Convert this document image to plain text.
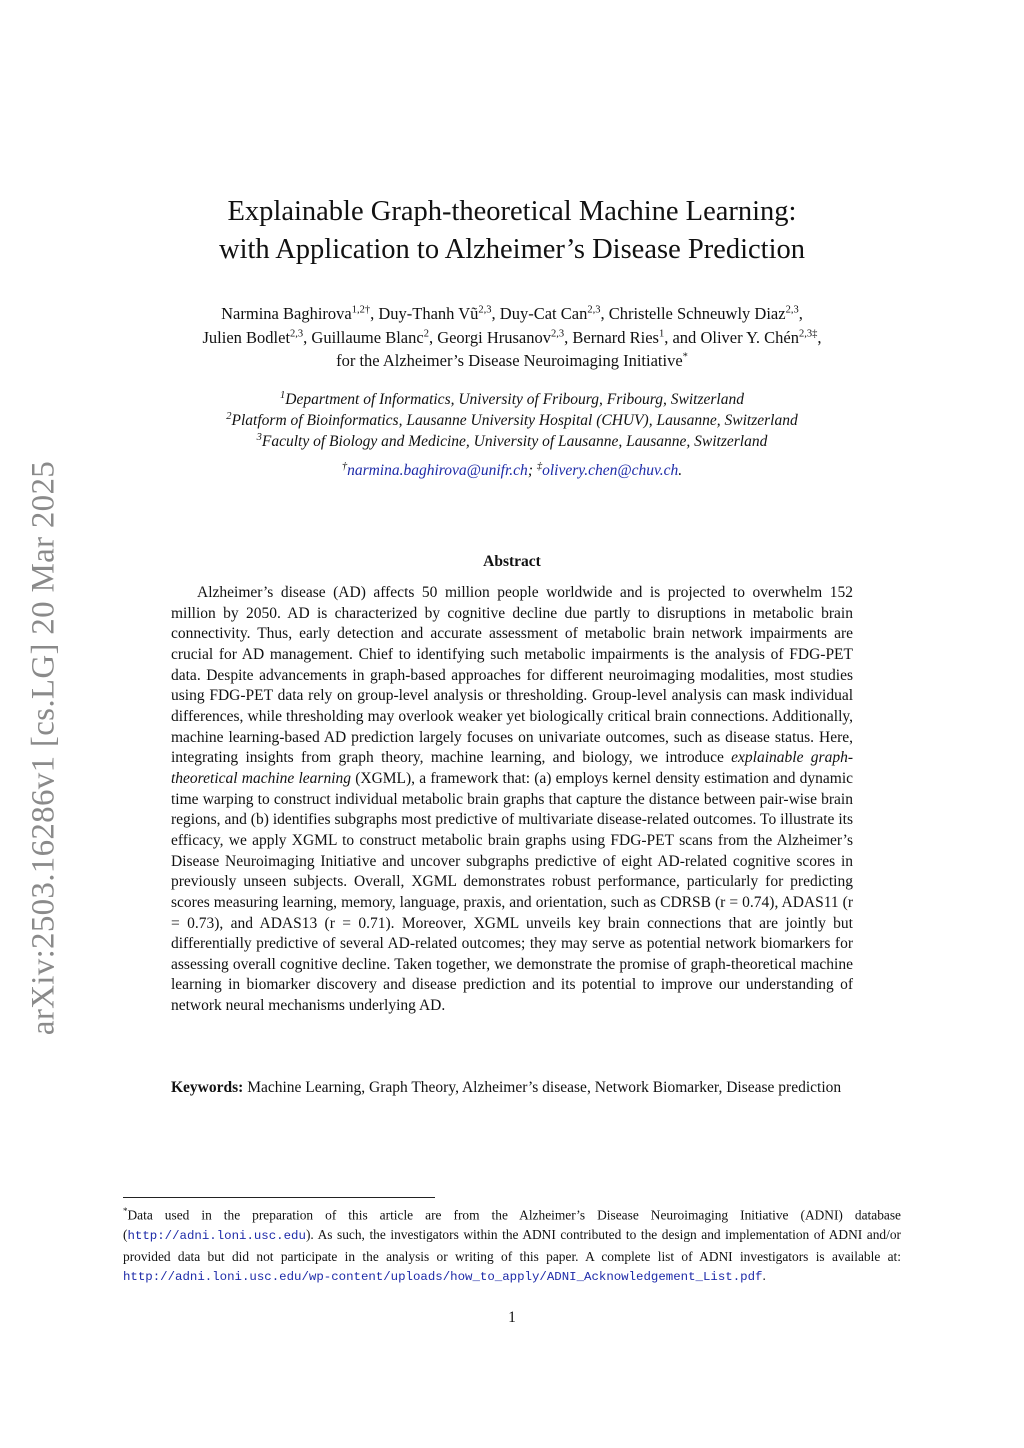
arXiv:2503.16286v1 [cs.LG] 20 Mar 2025
Explainable Graph-theoretical Machine Learning:
with Application to Alzheimer’s Disease Prediction
Narmina Baghirova$^{1,2\dagger}$, Duy-Thanh Vũ$^{2,3}$, Duy-Cat Can$^{2,3}$, Christelle Schneuwly Diaz$^{2,3}$,
Julien Bodlet$^{2,3}$, Guillaume Blanc$^2$, Georgi Hrusanov$^{2,3}$, Bernard Ries$^1$, and Oliver Y. Chén$^{2,3\ddagger}$,
for the Alzheimer’s Disease Neuroimaging Initiative*
$^1$Department of Informatics, University of Fribourg, Fribourg, Switzerland
$^2$Platform of Bioinformatics, Lausanne University Hospital (CHUV), Lausanne, Switzerland
$^3$Faculty of Biology and Medicine, University of Lausanne, Lausanne, Switzerland
†narmina.baghirova@unifr.ch; ‡olivery.chen@chuv.ch.
Abstract
Alzheimer’s disease (AD) affects 50 million people worldwide and is projected to overwhelm 152 million by 2050. AD is characterized by cognitive decline due partly to disruptions in metabolic brain connectivity. Thus, early detection and accurate assessment of metabolic brain network impairments are crucial for AD management. Chief to identifying such metabolic impairments is the analysis of FDG-PET data. Despite advancements in graph-based approaches for different neuroimaging modalities, most studies using FDG-PET data rely on group-level analysis or thresholding. Group-level analysis can mask individual differences, while thresholding may overlook weaker yet biologically critical brain connections. Additionally, machine learning-based AD prediction largely focuses on univariate outcomes, such as disease status. Here, integrating insights from graph theory, machine learning, and biology, we introduce explainable graph-theoretical machine learning (XGML), a framework that: (a) employs kernel density estimation and dynamic time warping to construct individual metabolic brain graphs that capture the distance between pair-wise brain regions, and (b) identifies subgraphs most predictive of multivariate disease-related outcomes. To illustrate its efficacy, we apply XGML to construct metabolic brain graphs using FDG-PET scans from the Alzheimer’s Disease Neuroimaging Initiative and uncover subgraphs predictive of eight AD-related cognitive scores in previously unseen subjects. Overall, XGML demonstrates robust performance, particularly for predicting scores measuring learning, memory, language, praxis, and orientation, such as CDRSB (r = 0.74), ADAS11 (r = 0.73), and ADAS13 (r = 0.71). Moreover, XGML unveils key brain connections that are jointly but differentially predictive of several AD-related outcomes; they may serve as potential network biomarkers for assessing overall cognitive decline. Taken together, we demonstrate the promise of graph-theoretical machine learning in biomarker discovery and disease prediction and its potential to improve our understanding of network neural mechanisms underlying AD.
Keywords: Machine Learning, Graph Theory, Alzheimer’s disease, Network Biomarker, Disease prediction
*Data used in the preparation of this article are from the Alzheimer’s Disease Neuroimaging Initiative (ADNI) database (http://adni.loni.usc.edu). As such, the investigators within the ADNI contributed to the design and implementation of ADNI and/or provided data but did not participate in the analysis or writing of this paper. A complete list of ADNI investigators is available at: http://adni.loni.usc.edu/wp-content/uploads/how_to_apply/ADNI_Acknowledgement_List.pdf.
1
